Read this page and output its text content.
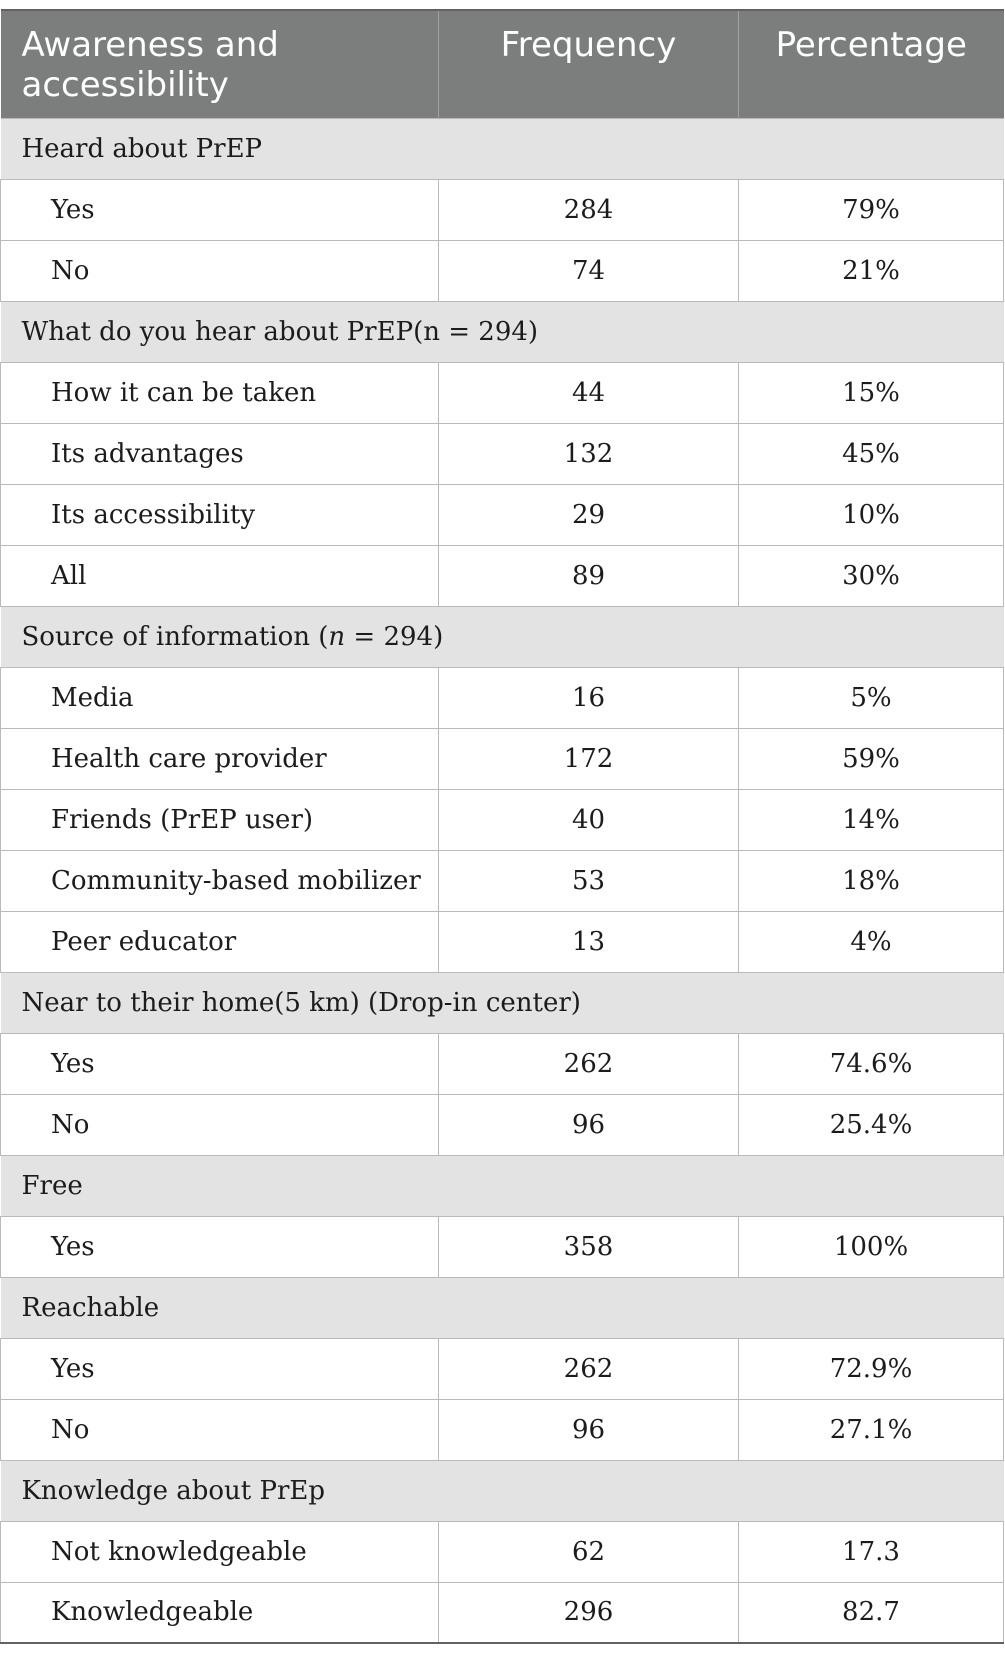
Awareness and accessibility	Frequency	Percentage
Heard about PrEP		
Yes	284	79%
No	74	21%
What do you hear about PrEP(n = 294)		
How it can be taken	44	15%
Its advantages	132	45%
Its accessibility	29	10%
All	89	30%
Source of information (n = 294)		
Media	16	5%
Health care provider	172	59%
Friends (PrEP user)	40	14%
Community-based mobilizer	53	18%
Peer educator	13	4%
Near to their home(5 km) (Drop-in center)		
Yes	262	74.6%
No	96	25.4%
Free		
Yes	358	100%
Reachable		
Yes	262	72.9%
No	96	27.1%
Knowledge about PrEp		
Not knowledgeable	62	17.3
Knowledgeable	296	82.7
